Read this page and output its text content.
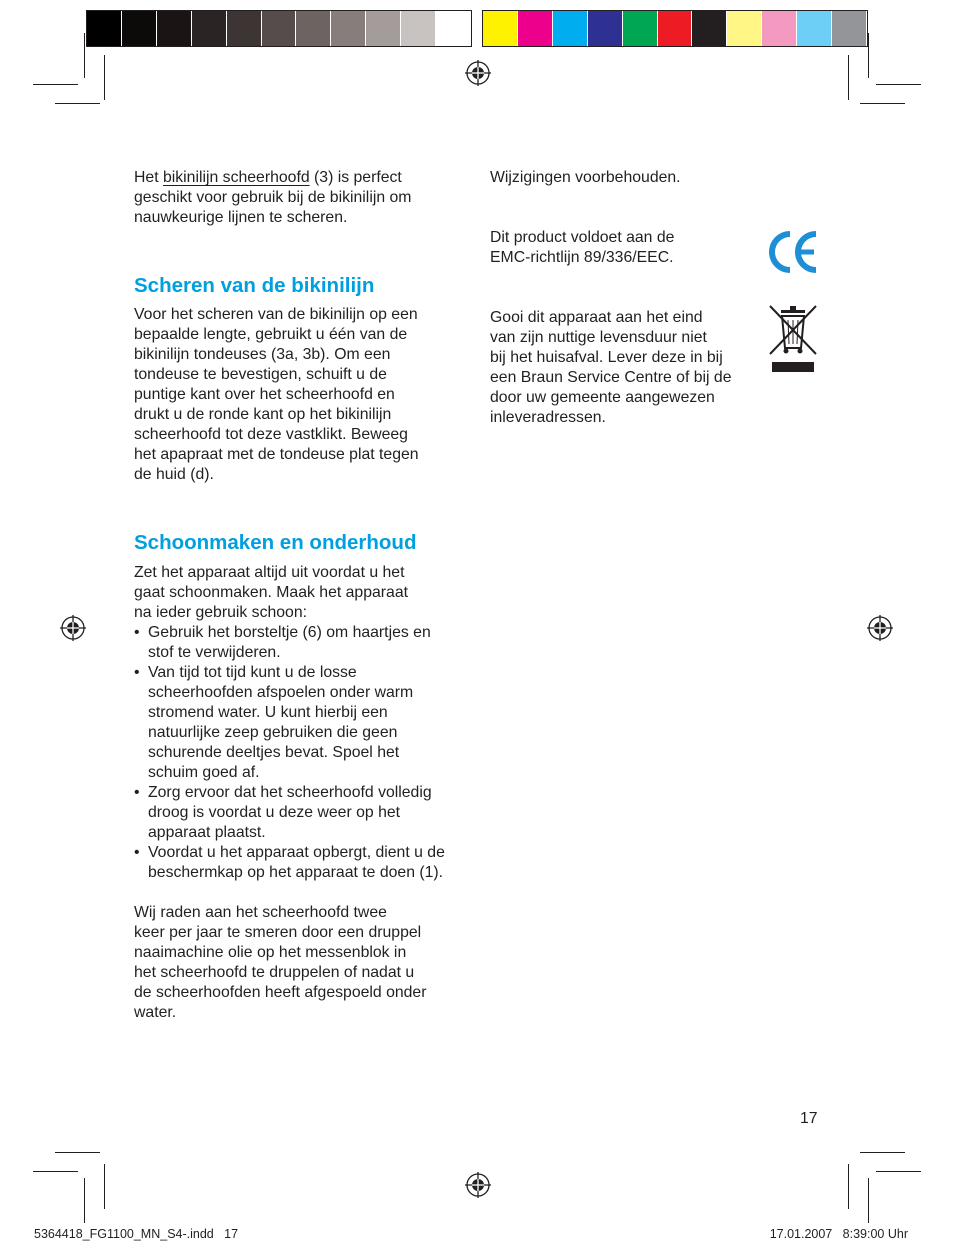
Het bikinilijn scheerhoofd (3) is perfect
geschikt voor gebruik bij de bikinilijn om
nauwkeurige lijnen te scheren.

Scheren van de bikinilijn

Voor het scheren van de bikinilijn op een
bepaalde lengte, gebruikt u één van de
bikinilijn tondeuses (3a, 3b). Om een
tondeuse te bevestigen, schuift u de
puntige kant over het scheerhoofd en
drukt u de ronde kant op het bikinilijn
scheerhoofd tot deze vastklikt. Beweeg
het apapraat met de tondeuse plat tegen
de huid (d).

Schoonmaken en onderhoud

Zet het apparaat altijd uit voordat u het
gaat schoonmaken. Maak het apparaat
na ieder gebruik schoon:

• Gebruik het borsteltje (6) om haartjes en stof te verwijderen.
• Van tijd tot tijd kunt u de losse scheerhoofden afspoelen onder warm stromend water. U kunt hierbij een natuurlijke zeep gebruiken die geen schurende deeltjes bevat. Spoel het schuim goed af.
• Zorg ervoor dat het scheerhoofd volledig droog is voordat u deze weer op het apparaat plaatst.
• Voordat u het apparaat opbergt, dient u de beschermkap op het apparaat te doen (1).

Wij raden aan het scheerhoofd twee
keer per jaar te smeren door een druppel
naaimachine olie op het messenblok in
het scheerhoofd te druppelen of nadat u
de scheerhoofden heeft afgespoeld onder
water.

Wijzigingen voorbehouden.

Dit product voldoet aan de
EMC-richtlijn 89/336/EEC.

Gooi dit apparaat aan het eind
van zijn nuttige levensduur niet
bij het huisafval. Lever deze in bij
een Braun Service Centre of bij de
door uw gemeente aangewezen
inleveradressen.

17
5364418_FG1100_MN_S4-.indd   17	17.01.2007   8:39:00 Uhr
